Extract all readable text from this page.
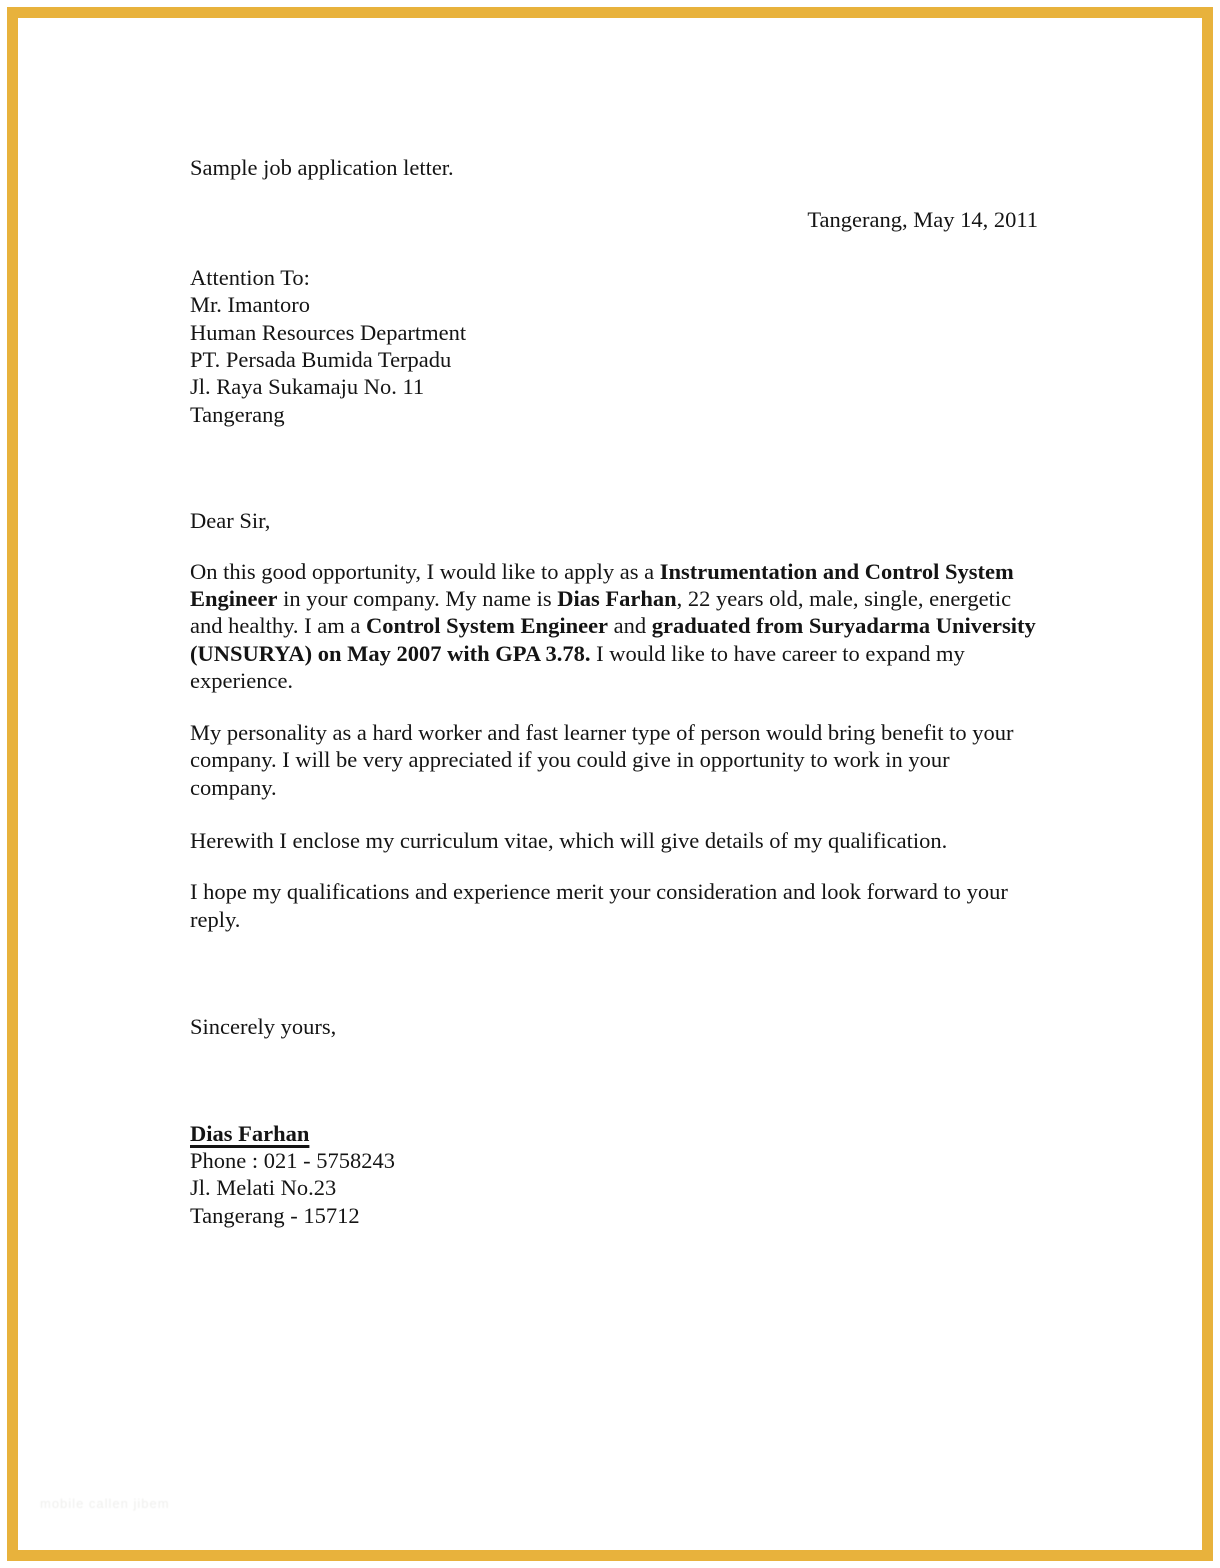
Sample job application letter.
Tangerang, May 14, 2011
Attention To:
Mr. Imantoro
Human Resources Department
PT. Persada Bumida Terpadu
Jl. Raya Sukamaju No. 11
Tangerang
Dear Sir,
On this good opportunity, I would like to apply as a Instrumentation and Control System Engineer in your company. My name is Dias Farhan, 22 years old, male, single, energetic and healthy. I am a Control System Engineer and graduated from Suryadarma University (UNSURYA) on May 2007 with GPA 3.78. I would like to have career to expand my experience.
My personality as a hard worker and fast learner type of person would bring benefit to your company. I will be very appreciated if you could give in opportunity to work in your company.
Herewith I enclose my curriculum vitae, which will give details of my qualification.
I hope my qualifications and experience merit your consideration and look forward to your reply.
Sincerely yours,
Dias Farhan
Phone : 021 - 5758243
Jl. Melati No.23
Tangerang - 15712
mobile callen jibem
